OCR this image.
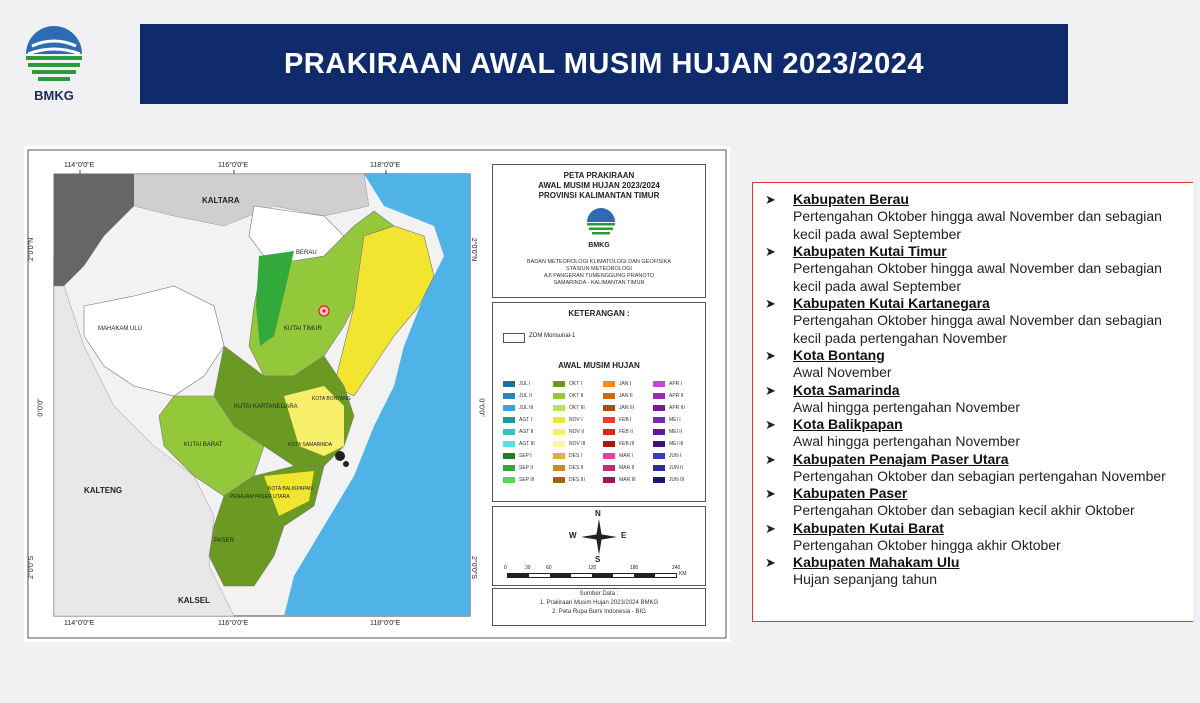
BMKG
PRAKIRAAN AWAL MUSIM HUJAN 2023/2024
114°0'0"E	116°0'0"E	118°0'0"E
114°0'0"E	116°0'0"E	118°0'0"E
2°0'0"N
0°0'0"
2°0'0"S
2°0'0"N
0°0'0"
2°0'0"S
KALTARA
BERAU
MAHAKAM ULU	KUTAI TIMUR
KUTAI KARTANEGARA
KOTA BONTANG
KUTAI BARAT	KOTA SAMARINDA
KOTA BALIKPAPAN
PENAJAM PASER UTARA
PASER
KALTENG
KALSEL
PETA PRAKIRAAN
AWAL MUSIM HUJAN 2023/2024
PROVINSI KALIMANTAN TIMUR
BMKG
BADAN METEOROLOGI KLIMATOLOGI DAN GEOFISIKA
STASIUN METEOROLOGI
AJI PANGERAN TUMENGGUNG PRANOTO
SAMARINDA - KALIMANTAN TIMUR
KETERANGAN :
ZOM Monsunal-1
AWAL MUSIM HUJAN
JUL I
JUL II
JUL III
AGT I
AGT II
AGT III
SEP I
SEP II
SEP III
OKT I
OKT II
OKT III
NOV I
NOV II
NOV III
DES I
DES II
DES III
JAN I
JAN II
JAN III
FEB I
FEB II
FEB III
MAR I
MAR II
MAR III
APR I
APR II
APR III
MEI I
MEI II
MEI III
JUN I
JUN II
JUN III
N
S
W	E
0	30	60	120	180	240
KM
Sumber Data :
1. Prakiraan Musim Hujan 2023/2024 BMKG
2. Peta Rupa Bumi Indonesia - BIG
➤ Kabupaten Berau
Pertengahan Oktober hingga awal November dan sebagian
kecil pada awal September
➤ Kabupaten Kutai Timur
Pertengahan Oktober hingga awal November dan sebagian
kecil pada awal September
➤ Kabupaten Kutai Kartanegara
Pertengahan Oktober hingga awal November dan sebagian
kecil pada pertengahan November
➤ Kota Bontang
Awal November
➤ Kota Samarinda
Awal hingga pertengahan November
➤ Kota Balikpapan
Awal hingga pertengahan November
➤ Kabupaten Penajam Paser Utara
Pertengahan Oktober dan sebagian pertengahan November
➤ Kabupaten Paser
Pertengahan Oktober dan sebagian kecil akhir Oktober
➤ Kabupaten Kutai Barat
Pertengahan Oktober hingga akhir Oktober
➤ Kabupaten Mahakam Ulu
Hujan sepanjang tahun
